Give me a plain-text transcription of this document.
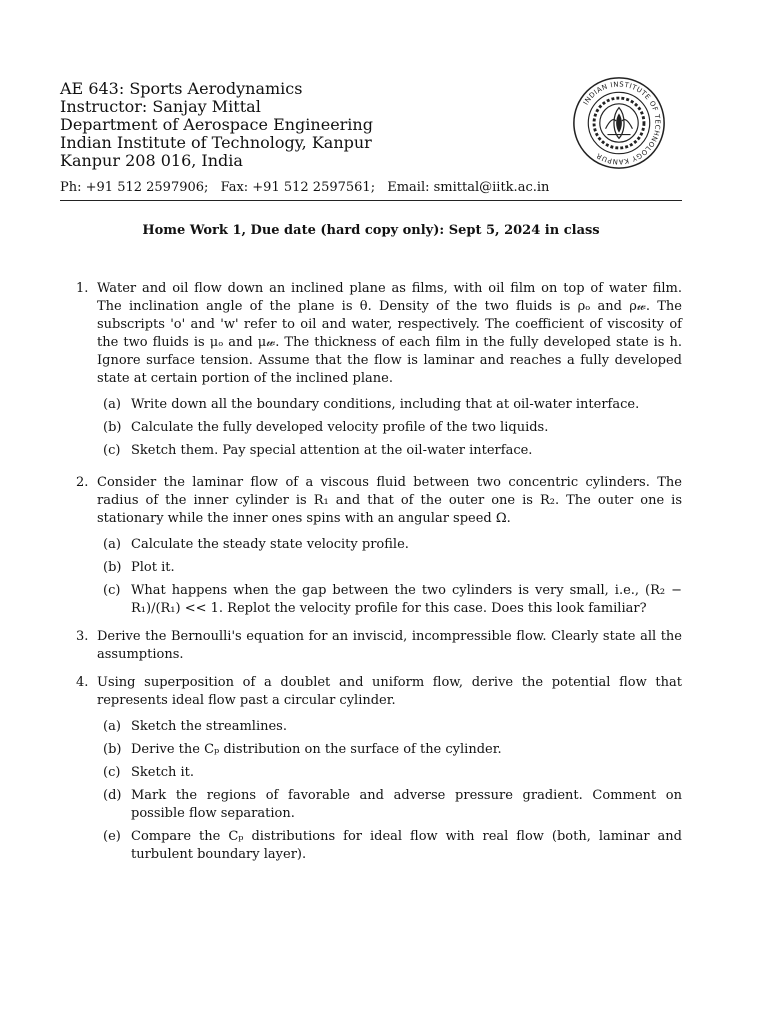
AE 643: Sports Aerodynamics
Instructor: Sanjay Mittal
Department of Aerospace Engineering
Indian Institute of Technology, Kanpur
Kanpur 208 016, India
INDIAN INSTITUTE OF TECHNOLOGY KANPUR
Ph: +91 512 2597906; Fax: +91 512 2597561; Email: smittal@iitk.ac.in
Home Work 1, Due date (hard copy only): Sept 5, 2024 in class
1. Water and oil flow down an inclined plane as films, with oil film on top of water film. The inclination angle of the plane is θ. Density of the two fluids is ρₒ and ρ𝓌. The subscripts 'o' and 'w' refer to oil and water, respectively. The coefficient of viscosity of the two fluids is μₒ and μ𝓌. The thickness of each film in the fully developed state is h. Ignore surface tension. Assume that the flow is laminar and reaches a fully developed state at certain portion of the inclined plane.

(a) Write down all the boundary conditions, including that at oil-water interface.
(b) Calculate the fully developed velocity profile of the two liquids.
(c) Sketch them. Pay special attention at the oil-water interface.
2. Consider the laminar flow of a viscous fluid between two concentric cylinders. The radius of the inner cylinder is R₁ and that of the outer one is R₂. The outer one is stationary while the inner ones spins with an angular speed Ω.

(a) Calculate the steady state velocity profile.
(b) Plot it.
(c) What happens when the gap between the two cylinders is very small, i.e., (R₂ − R₁)/(R₁) << 1. Replot the velocity profile for this case. Does this look familiar?
3. Derive the Bernoulli's equation for an inviscid, incompressible flow. Clearly state all the assumptions.

4. Using superposition of a doublet and uniform flow, derive the potential flow that represents ideal flow past a circular cylinder.

(a) Sketch the streamlines.
(b) Derive the Cₚ distribution on the surface of the cylinder.
(c) Sketch it.
(d) Mark the regions of favorable and adverse pressure gradient. Comment on possible flow separation.
(e) Compare the Cₚ distributions for ideal flow with real flow (both, laminar and turbulent boundary layer).
